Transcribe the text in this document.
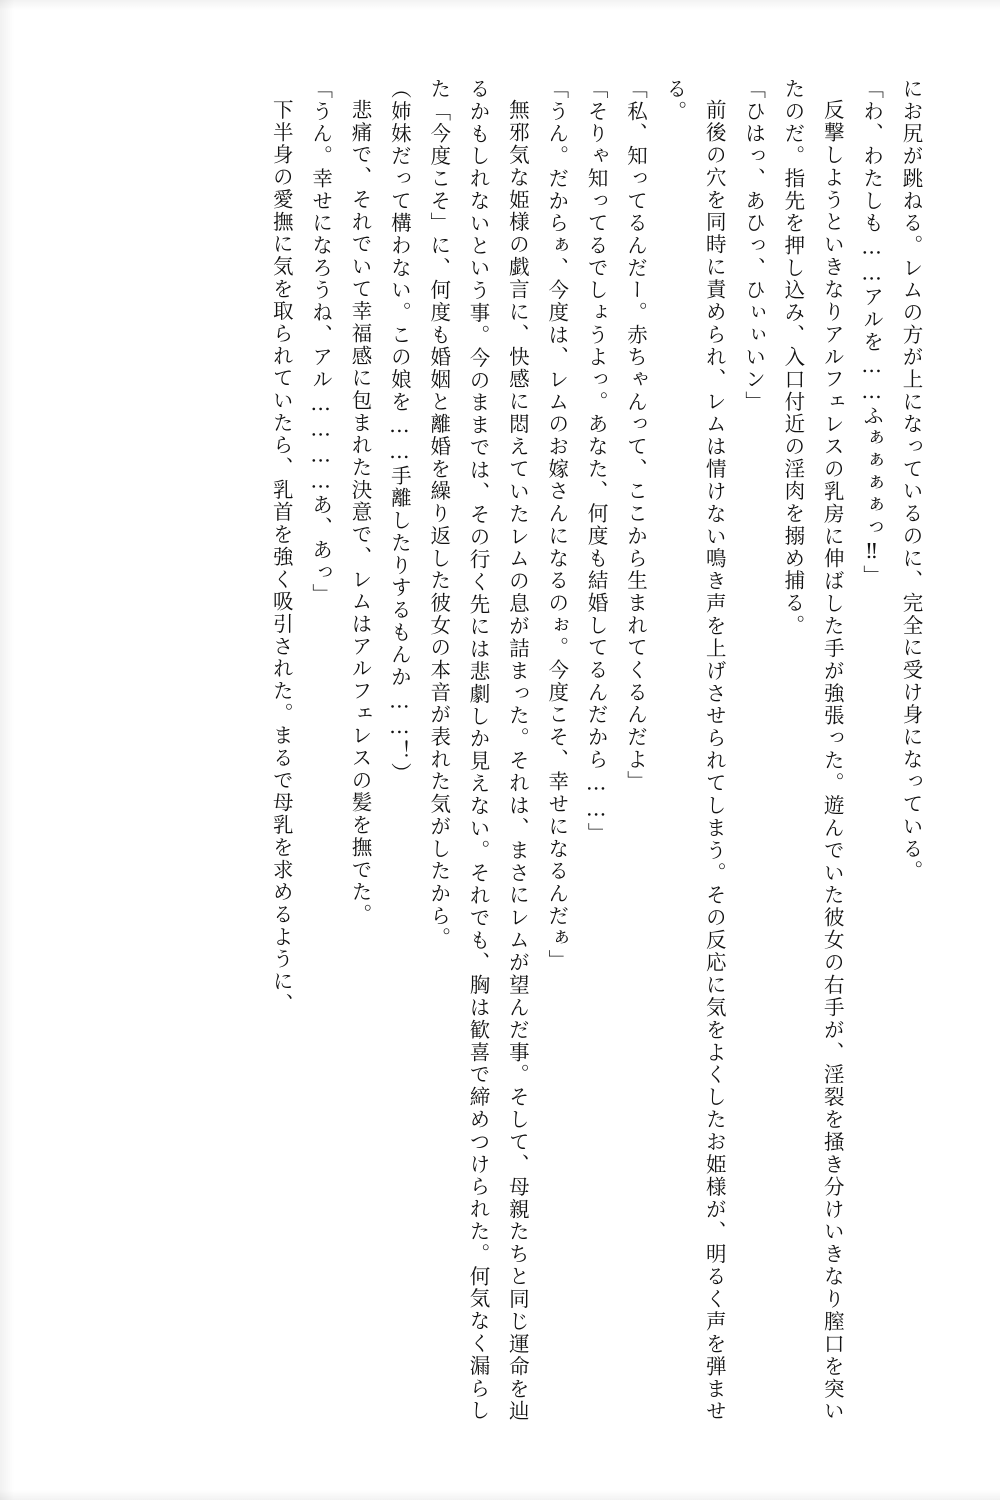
にお尻が跳ねる。レムの方が上になっているのに、完全に受け身になっている。

「わ、わたしも……アルを……ふぁぁぁぁっ‼」

反撃しようといきなりアルフェレスの乳房に伸ばした手が強張った。遊んでいた彼女の右手が、淫裂を掻き分けいきなり膣口を突いたのだ。指先を押し込み、入口付近の淫肉を搦め捕る。

「ひはっ、あひっ、ひぃぃいン」

前後の穴を同時に責められ、レムは情けない鳴き声を上げさせられてしまう。その反応に気をよくしたお姫様が、明るく声を弾ませる。

「私、知ってるんだー。赤ちゃんって、ここから生まれてくるんだよ」

「そりゃ知ってるでしょうよっ。あなた、何度も結婚してるんだから……」

「うん。だからぁ、今度は、レムのお嫁さんになるのぉ。今度こそ、幸せになるんだぁ」

無邪気な姫様の戯言に、快感に悶えていたレムの息が詰まった。それは、まさにレムが望んだ事。そして、母親たちと同じ運命を辿るかもしれないという事。今のままでは、その行く先には悲劇しか見えない。それでも、胸は歓喜で締めつけられた。何気なく漏らした「今度こそ」に、何度も婚姻と離婚を繰り返した彼女の本音が表れた気がしたから。

（姉妹だって構わない。この娘を……手離したりするもんか……！）

悲痛で、それでいて幸福感に包まれた決意で、レムはアルフェレスの髪を撫でた。

「うん。幸せになろうね、アル…………あ、あっ」

下半身の愛撫に気を取られていたら、乳首を強く吸引された。まるで母乳を求めるように、
